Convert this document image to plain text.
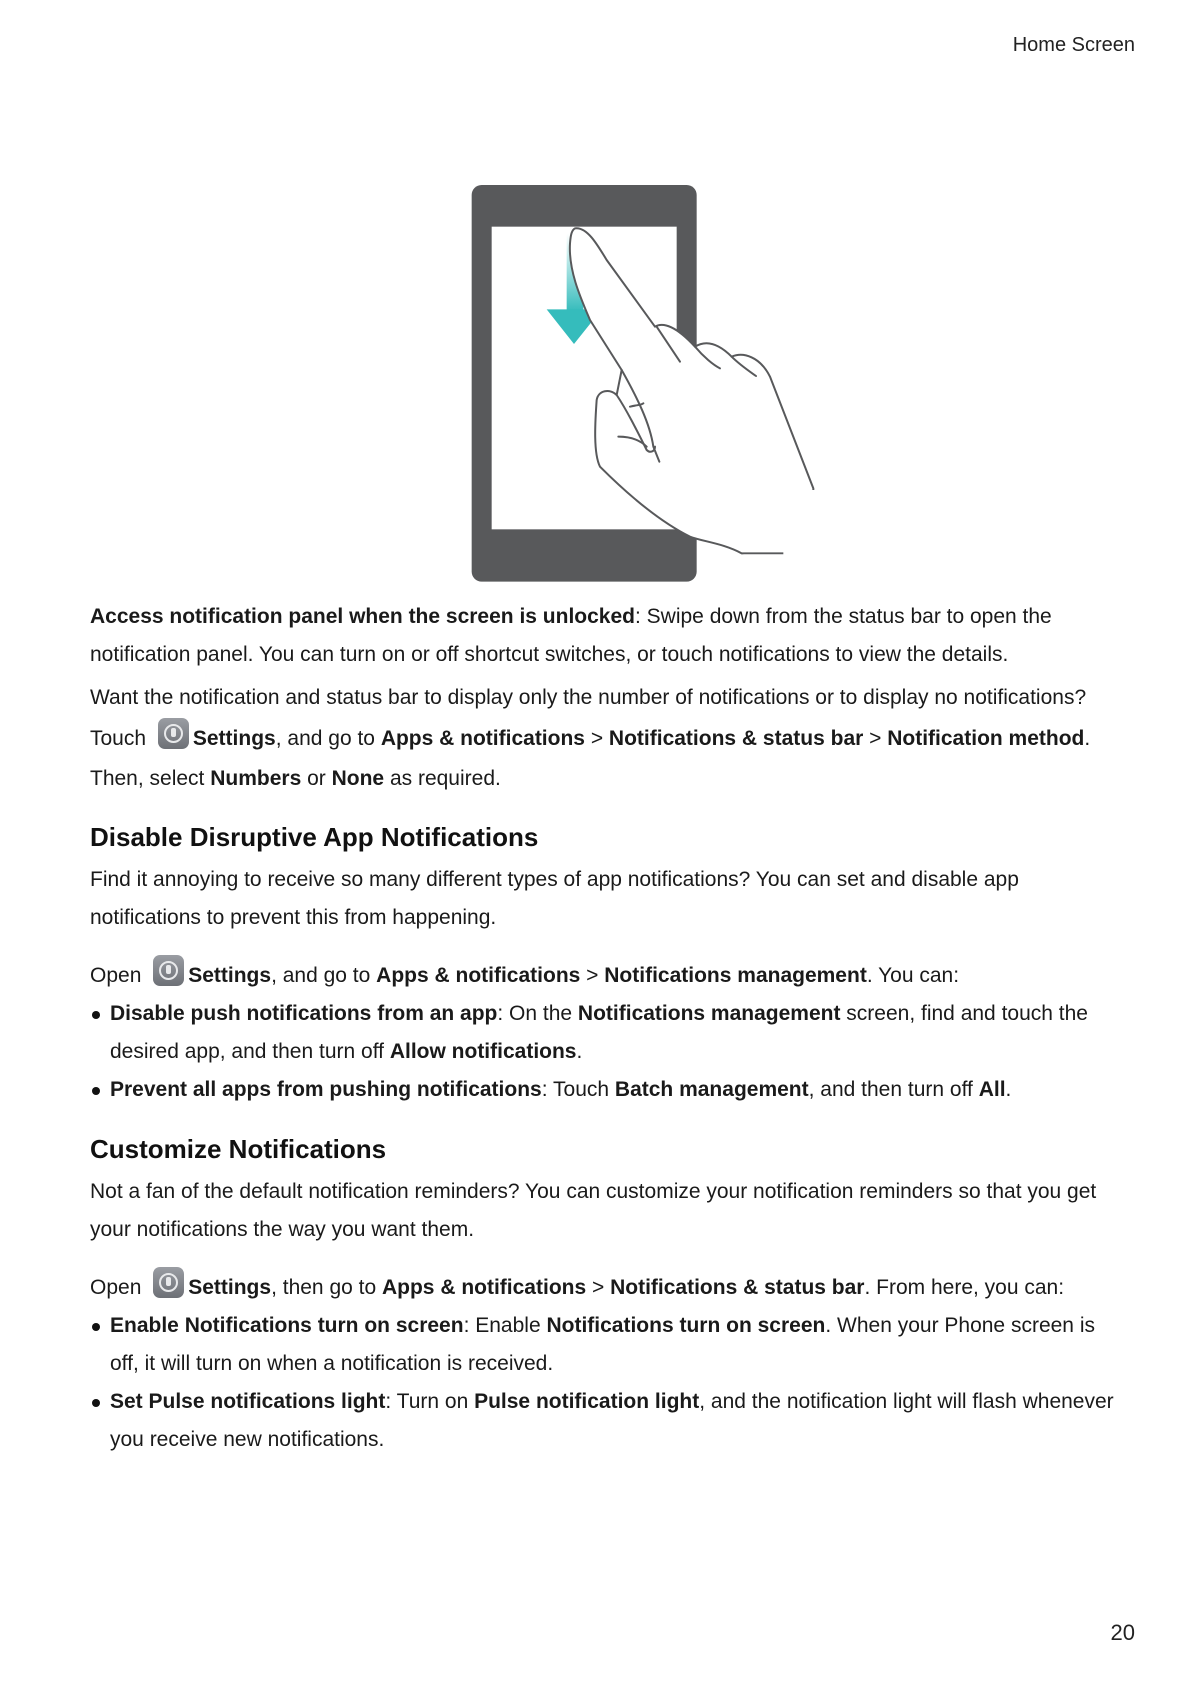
Home Screen
Access notification panel when the screen is unlocked: Swipe down from the status bar to open the notification panel. You can turn on or off shortcut switches, or touch notifications to view the details.
Want the notification and status bar to display only the number of notifications or to display no notifications? Touch Settings, and go to Apps & notifications > Notifications & status bar > Notification method. Then, select Numbers or None as required.
Disable Disruptive App Notifications
Find it annoying to receive so many different types of app notifications? You can set and disable app notifications to prevent this from happening.
Open Settings, and go to Apps & notifications > Notifications management. You can:
Disable push notifications from an app: On the Notifications management screen, find and touch the desired app, and then turn off Allow notifications.
Prevent all apps from pushing notifications: Touch Batch management, and then turn off All.
Customize Notifications
Not a fan of the default notification reminders? You can customize your notification reminders so that you get your notifications the way you want them.
Open Settings, then go to Apps & notifications > Notifications & status bar. From here, you can:
Enable Notifications turn on screen: Enable Notifications turn on screen. When your Phone screen is off, it will turn on when a notification is received.
Set Pulse notifications light: Turn on Pulse notification light, and the notification light will flash whenever you receive new notifications.
20
